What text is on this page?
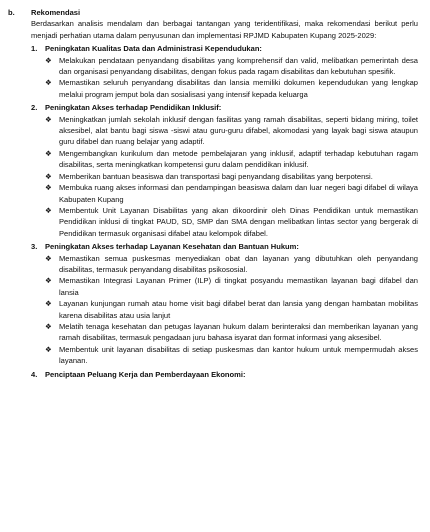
b.	Rekomendasi
Berdasarkan analisis mendalam dan berbagai tantangan yang teridentifikasi, maka rekomendasi berikut perlu menjadi perhatian utama dalam penyusunan dan implementasi RPJMD Kabupaten Kupang 2025-2029:
1.	Peningkatan Kualitas Data dan Administrasi Kependudukan:
❖ Melakukan pendataan penyandang disabilitas yang komprehensif dan valid, melibatkan pemerintah desa dan organisasi penyandang disabilitas, dengan fokus pada ragam disabilitas dan kebutuhan spesifik.
❖ Memastikan seluruh penyandang disabilitas dan lansia memiliki dokumen kependudukan yang lengkap melalui program jemput bola dan sosialisasi yang intensif kepada keluarga
2.	Peningkatan Akses terhadap Pendidikan Inklusif:
❖ Meningkatkan jumlah sekolah inklusif dengan fasilitas yang ramah disabilitas, seperti bidang miring, toilet aksesibel, alat bantu bagi siswa -siswi atau guru-guru difabel, akomodasi yang layak bagi siswa ataupun guru difabel dan ruang belajar yang adaptif.
❖ Mengembangkan kurikulum dan metode pembelajaran yang inklusif, adaptif terhadap kebutuhan ragam disabilitas, serta meningkatkan kompetensi guru dalam pendidikan inklusif.
❖ Memberikan bantuan beasiswa dan transportasi bagi penyandang disabilitas yang berpotensi.
❖ Membuka ruang akses informasi dan pendampingan beasiswa dalam dan luar negeri bagi difabel di wilaya Kabupaten Kupang
❖ Membentuk Unit Layanan Disabilitas yang akan dikoordinir oleh Dinas Pendidikan untuk memastikan Pendidikan inklusi di tingkat PAUD, SD, SMP dan SMA dengan melibatkan lintas sector yang bergerak di Pendidikan termasuk organisasi difabel atau kelompok difabel.
3.	Peningkatan Akses terhadap Layanan Kesehatan dan Bantuan Hukum:
❖ Memastikan semua puskesmas menyediakan obat dan layanan yang dibutuhkan oleh penyandang disabilitas, termasuk penyandang disabilitas psikososial.
❖ Memastikan Integrasi Layanan Primer (ILP) di tingkat posyandu memastikan layanan bagi difabel dan lansia
❖ Layanan kunjungan rumah atau home visit bagi difabel berat dan lansia yang dengan hambatan mobilitas karena disabilitas atau usia lanjut
❖ Melatih tenaga kesehatan dan petugas layanan hukum dalam berinteraksi dan memberikan layanan yang ramah disabilitas, termasuk pengadaan juru bahasa isyarat dan format informasi yang aksesibel.
❖ Membentuk unit layanan disabilitas di setiap puskesmas dan kantor hukum untuk mempermudah akses layanan.
4.	Penciptaan Peluang Kerja dan Pemberdayaan Ekonomi:
